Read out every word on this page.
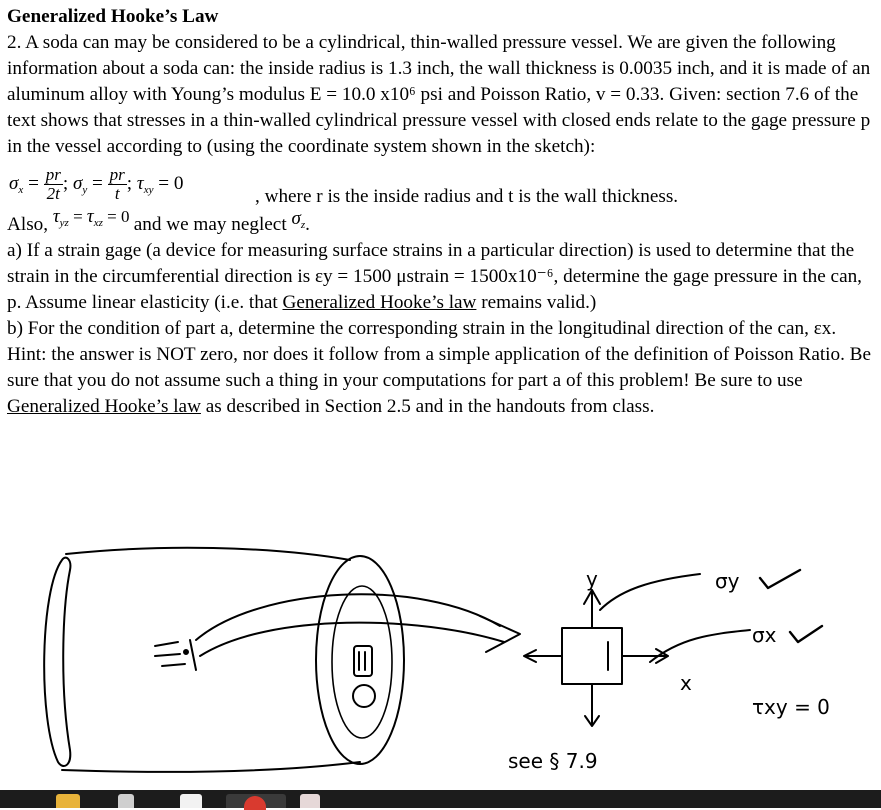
Generalized Hooke’s Law

2. A soda can may be considered to be a cylindrical, thin-walled pressure vessel. We are given the following information about a soda can: the inside radius is 1.3 inch, the wall thickness is 0.0035 inch, and it is made of an aluminum alloy with Young’s modulus E = 10.0 x10⁶ psi and Poisson Ratio, v = 0.33. Given: section 7.6 of the text shows that stresses in a thin-walled cylindrical pressure vessel with closed ends relate to the gage pressure p in the vessel according to (using the coordinate system shown in the sketch):

$\sigma_x = \frac{pr}{2t}$ ; $\sigma_y = \frac{pr}{t}$ ; $\tau_{xy} = 0$
, where r is the inside radius and t is the wall thickness.
Also, $\tau_{yz} = \tau_{xz} = 0$ and we may neglect $\sigma_z$.

a) If a strain gage (a device for measuring surface strains in a particular direction) is used to determine that the strain in the circumferential direction is εy = 1500 μstrain = 1500x10⁻⁶, determine the gage pressure in the can, p. Assume linear elasticity (i.e. that Generalized Hooke’s law remains valid.)

b) For the condition of part a, determine the corresponding strain in the longitudinal direction of the can, εx. Hint: the answer is NOT zero, nor does it follow from a simple application of the definition of Poisson Ratio. Be sure that you do not assume such a thing in your computations for part a of this problem! Be sure to use Generalized Hooke’s law as described in Section 2.5 and in the handouts from class.

y
x
σy
σx
τxy = 0
see § 7.9
